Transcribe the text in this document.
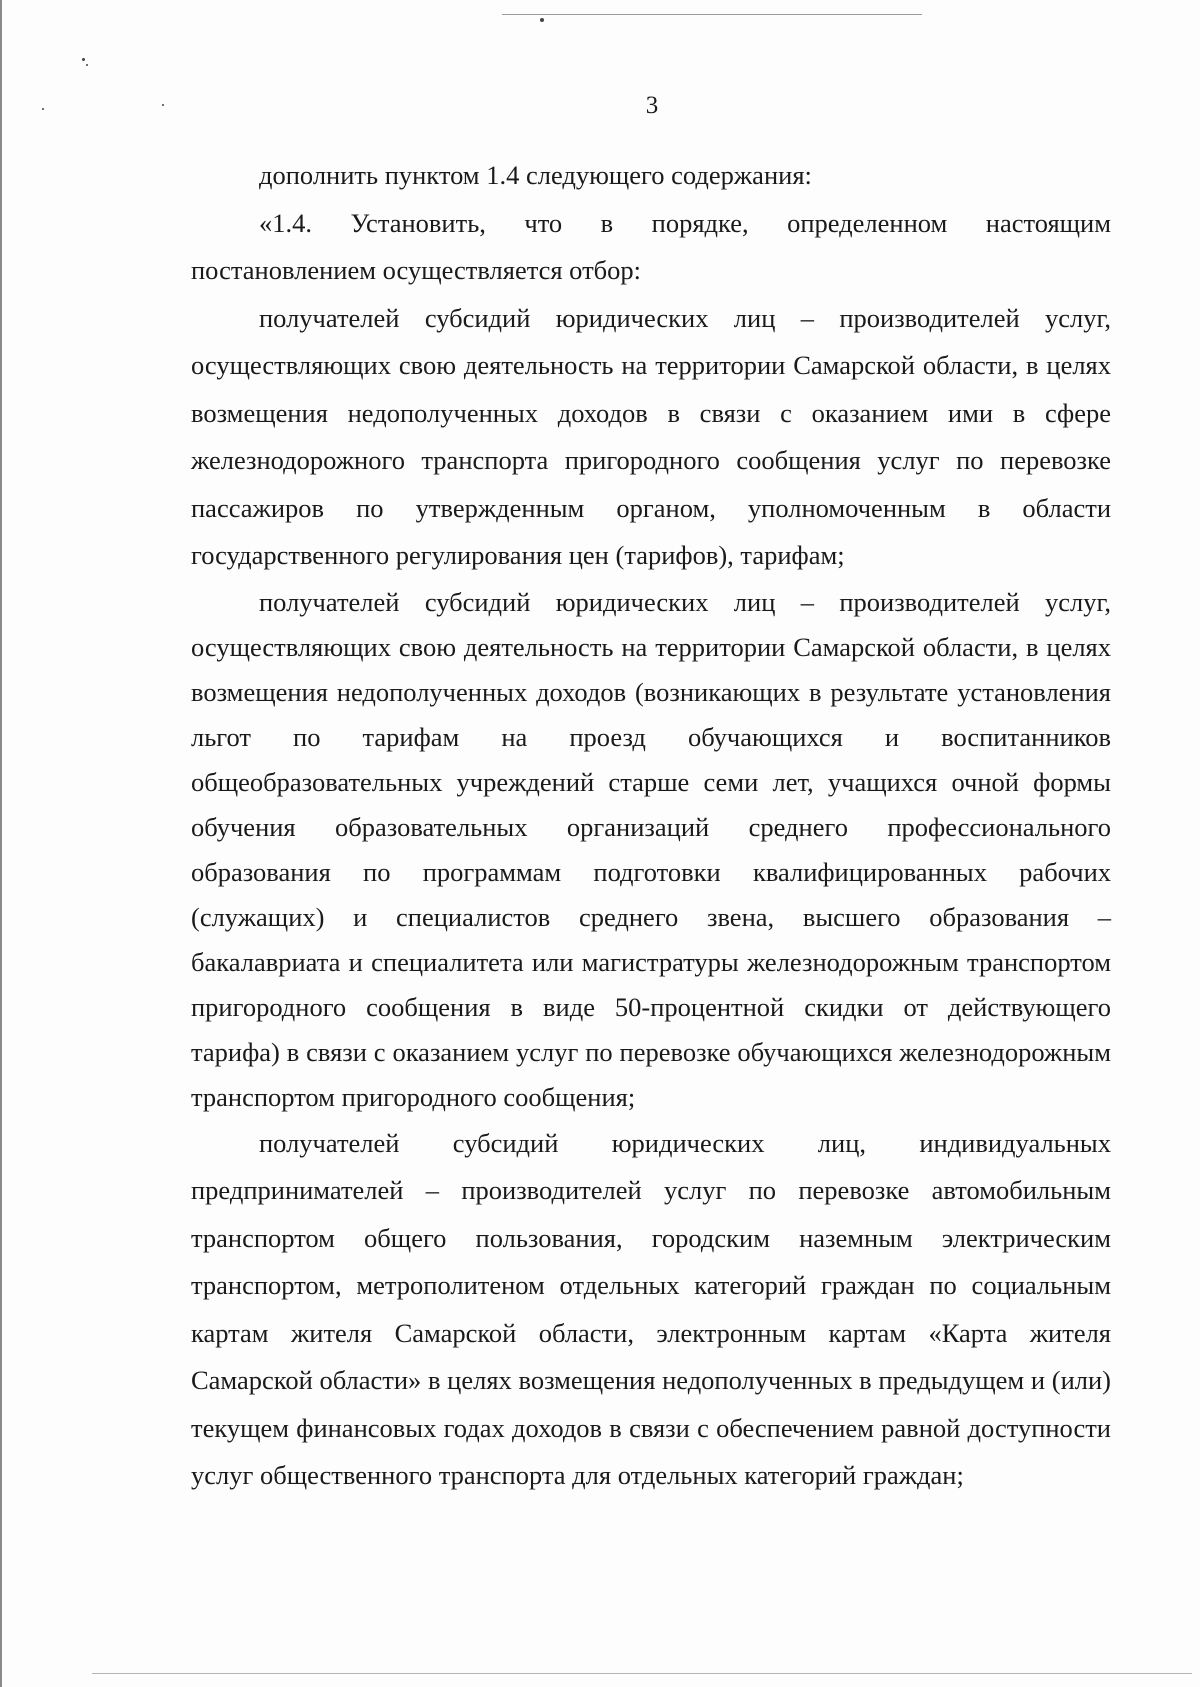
3

дополнить пунктом 1.4 следующего содержания:

«1.4. Установить, что в порядке, определенном настоящим постановлением осуществляется отбор:

получателей субсидий юридических лиц – производителей услуг, осуществляющих свою деятельность на территории Самарской области, в целях возмещения недополученных доходов в связи с оказанием ими в сфере железнодорожного транспорта пригородного сообщения услуг по перевозке пассажиров по утвержденным органом, уполномоченным в области государственного регулирования цен (тарифов), тарифам;

получателей субсидий юридических лиц – производителей услуг, осуществляющих свою деятельность на территории Самарской области, в целях возмещения недополученных доходов (возникающих в результате установления льгот по тарифам на проезд обучающихся и воспитанников общеобразовательных учреждений старше семи лет, учащихся очной формы обучения образовательных организаций среднего профессионального образования по программам подготовки квалифицированных рабочих (служащих) и специалистов среднего звена, высшего образования – бакалавриата и специалитета или магистратуры железнодорожным транспортом пригородного сообщения в виде 50-процентной скидки от действующего тарифа) в связи с оказанием услуг по перевозке обучающихся железнодорожным транспортом пригородного сообщения;

получателей субсидий юридических лиц, индивидуальных предпринимателей – производителей услуг по перевозке автомобильным транспортом общего пользования, городским наземным электрическим транспортом, метрополитеном отдельных категорий граждан по социальным картам жителя Самарской области, электронным картам «Карта жителя Самарской области» в целях возмещения недополученных в предыдущем и (или) текущем финансовых годах доходов в связи с обеспечением равной доступности услуг общественного транспорта для отдельных категорий граждан;
